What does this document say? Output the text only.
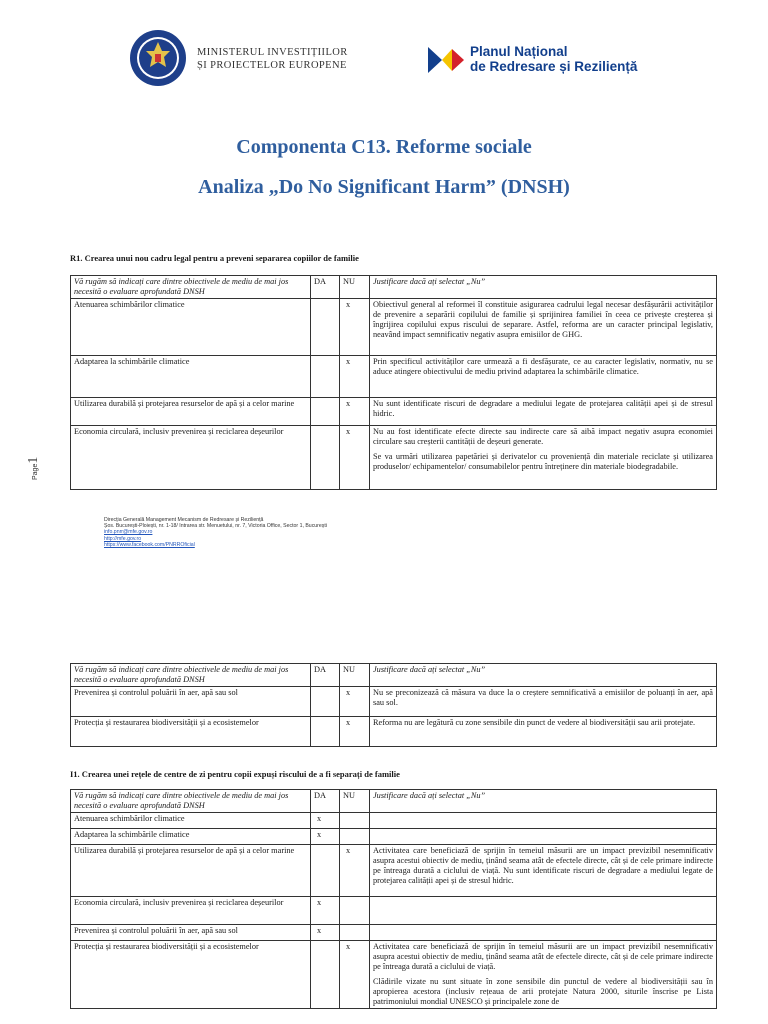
MINISTERUL INVESTIȚIILOR
ȘI PROIECTELOR EUROPENE
Planul Național
de Redresare și Reziliență
Componenta C13. Reforme sociale
Analiza „Do No Significant Harm” (DNSH)
R1. Crearea unui nou cadru legal pentru a preveni separarea copiilor de familie
Vă rugăm să indicați care dintre obiectivele de mediu de mai jos necesită o evaluare aprofundată DNSH	DA	NU	Justificare dacă ați selectat „Nu”
Atenuarea schimbărilor climatice		x	Obiectivul general al reformei îl constituie asigurarea cadrului legal necesar desfășurării activităților de prevenire a separării copilului de familie și sprijinirea familiei în ceea ce privește creșterea și îngrijirea copilului expus riscului de separare. Astfel, reforma are un caracter principal legislativ, neavând impact semnificativ negativ asupra emisiilor de GHG.

Adaptarea la schimbările climatice		x	Prin specificul activităților care urmează a fi desfășurate, ce au caracter legislativ, normativ, nu se aduce atingere obiectivului de mediu privind adaptarea la schimbările climatice.

Utilizarea durabilă și protejarea resurselor de apă și a celor marine		x	Nu sunt identificate riscuri de degradare a mediului legate de protejarea calității apei și de stresul hidric.

Economia circulară, inclusiv prevenirea și reciclarea deșeurilor		x	Nu au fost identificate efecte directe sau indirecte care să aibă impact negativ asupra economiei circulare sau creșterii cantității de deșeuri generate.
Se va urmări utilizarea papetăriei și derivatelor cu proveniență din materiale reciclate și utilizarea produselor/ echipamentelor/ consumabilelor pentru întreținere din materiale biodegradabile.
Page1
Direcția Generală Management Mecanism de Redresare și Reziliență
Șos. București-Ploiești, nr. 1-18/ Intrarea str. Menuetului, nr. 7, Victoria Office, Sector 1, București
info.pnrr@mfe.gov.ro
http://mfe.gov.ro
https://www.facebook.com/PNRROficial
Vă rugăm să indicați care dintre obiectivele de mediu de mai jos necesită o evaluare aprofundată DNSH	DA	NU	Justificare dacă ați selectat „Nu”
Prevenirea și controlul poluării în aer, apă sau sol		x	Nu se preconizează că măsura va duce la o creștere semnificativă a emisiilor de poluanți în aer, apă sau sol.

Protecția și restaurarea biodiversității și a ecosistemelor		x	Reforma nu are legătură cu zone sensibile din punct de vedere al biodiversității sau arii protejate.
I1. Crearea unei rețele de centre de zi pentru copii expuși riscului de a fi separați de familie
Vă rugăm să indicați care dintre obiectivele de mediu de mai jos necesită o evaluare aprofundată DNSH	DA	NU	Justificare dacă ați selectat „Nu”
Atenuarea schimbărilor climatice	x		
Adaptarea la schimbările climatice	x		
Utilizarea durabilă și protejarea resurselor de apă și a celor marine		x	Activitatea care beneficiază de sprijin în temeiul măsurii are un impact previzibil nesemnificativ asupra acestui obiectiv de mediu, ținând seama atât de efectele directe, cât și de cele primare indirecte pe întreaga durată a ciclului de viață. Nu sunt identificate riscuri de degradare a mediului legate de protejarea calității apei și de stresul hidric.

Economia circulară, inclusiv prevenirea și reciclarea deșeurilor	x		
Prevenirea și controlul poluării în aer, apă sau sol	x		
Protecția și restaurarea biodiversității și a ecosistemelor		x	Activitatea care beneficiază de sprijin în temeiul măsurii are un impact previzibil nesemnificativ asupra acestui obiectiv de mediu, ținând seama atât de efectele directe, cât și de cele primare indirecte pe întreaga durată a ciclului de viață.
Clădirile vizate nu sunt situate în zone sensibile din punctul de vedere al biodiversității sau în apropierea acestora (inclusiv rețeaua de arii protejate Natura 2000, siturile înscrise pe Lista patrimoniului mondial UNESCO și principalele zone de
